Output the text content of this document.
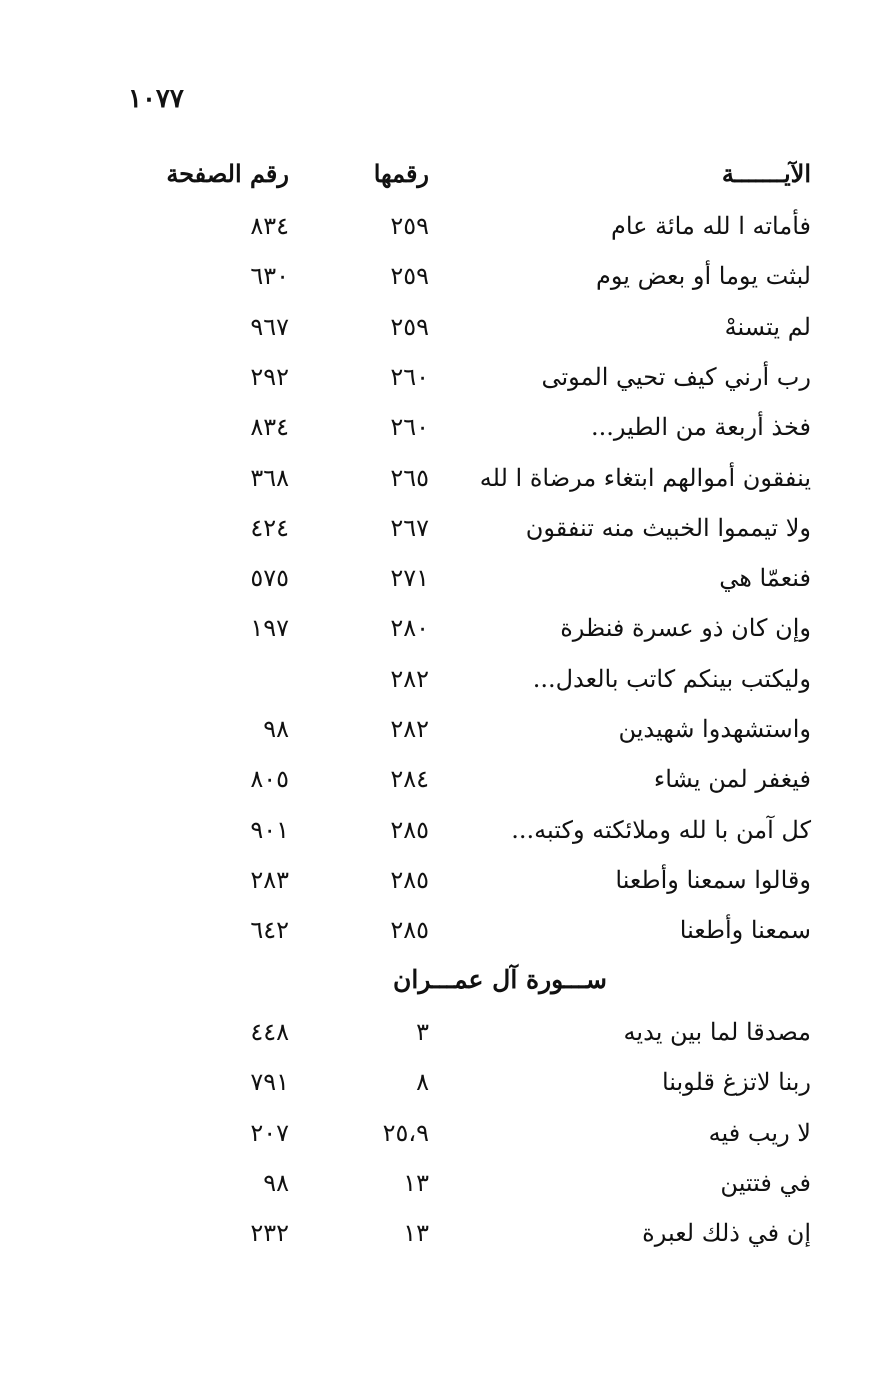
١٠٧٧
الآيـــــــة
رقمها
رقم الصفحة
فأماته ا لله مائة عام
٢٥٩
٨٣٤
لبثت يوما أو بعض يوم
٢٥٩
٦٣٠
لم يتسنهْ
٢٥٩
٩٦٧
رب أرني كيف تحيي الموتى
٢٦٠
٢٩٢
فخذ أربعة من الطير...
٢٦٠
٨٣٤
ينفقون أموالهم ابتغاء مرضاة ا لله
٢٦٥
٣٦٨
ولا تيمموا الخبيث منه تنفقون
٢٦٧
٤٢٤
فنعمّا هي
٢٧١
٥٧٥
وإن كان ذو عسرة فنظرة
٢٨٠
١٩٧
وليكتب بينكم كاتب بالعدل...
٢٨٢
واستشهدوا شهيدين
٢٨٢
٩٨
فيغفر لمن يشاء
٢٨٤
٨٠٥
كل آمن با لله وملائكته وكتبه...
٢٨٥
٩٠١
وقالوا سمعنا وأطعنا
٢٨٥
٢٨٣
سمعنا وأطعنا
٢٨٥
٦٤٢
ســـورة آل عمـــران
مصدقا لما بين يديه
٣
٤٤٨
ربنا لاتزغ قلوبنا
٨
٧٩١
لا ريب فيه
٢٥،٩
٢٠٧
في فتتين
١٣
٩٨
إن في ذلك لعبرة
١٣
٢٣٢
